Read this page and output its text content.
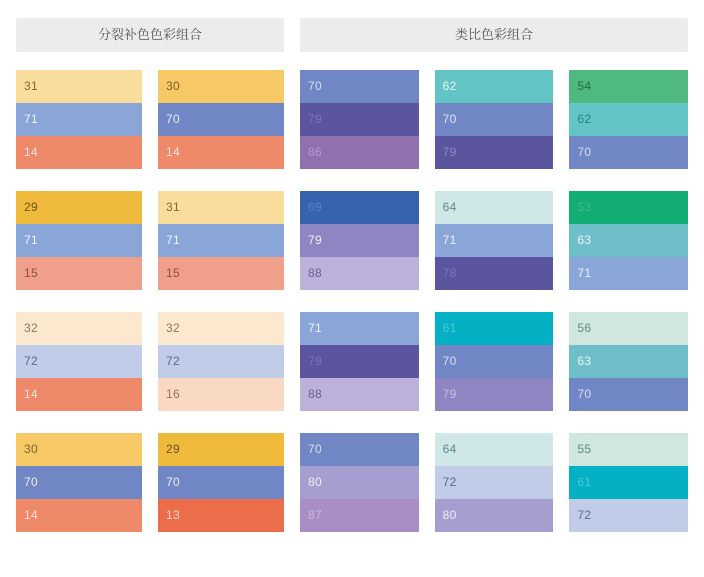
分裂补色色彩组合	类比色彩组合
31
71
14
30
70
14
29
71
15
31
71
15
32
72
14
32
72
16
30
70
14
29
70
13
70
79
86
62
70
79
54
62
70
69
79
88
64
71
78
53
63
71
71
79
88
61
70
79
56
63
70
70
80
87
64
72
80
55
61
72
